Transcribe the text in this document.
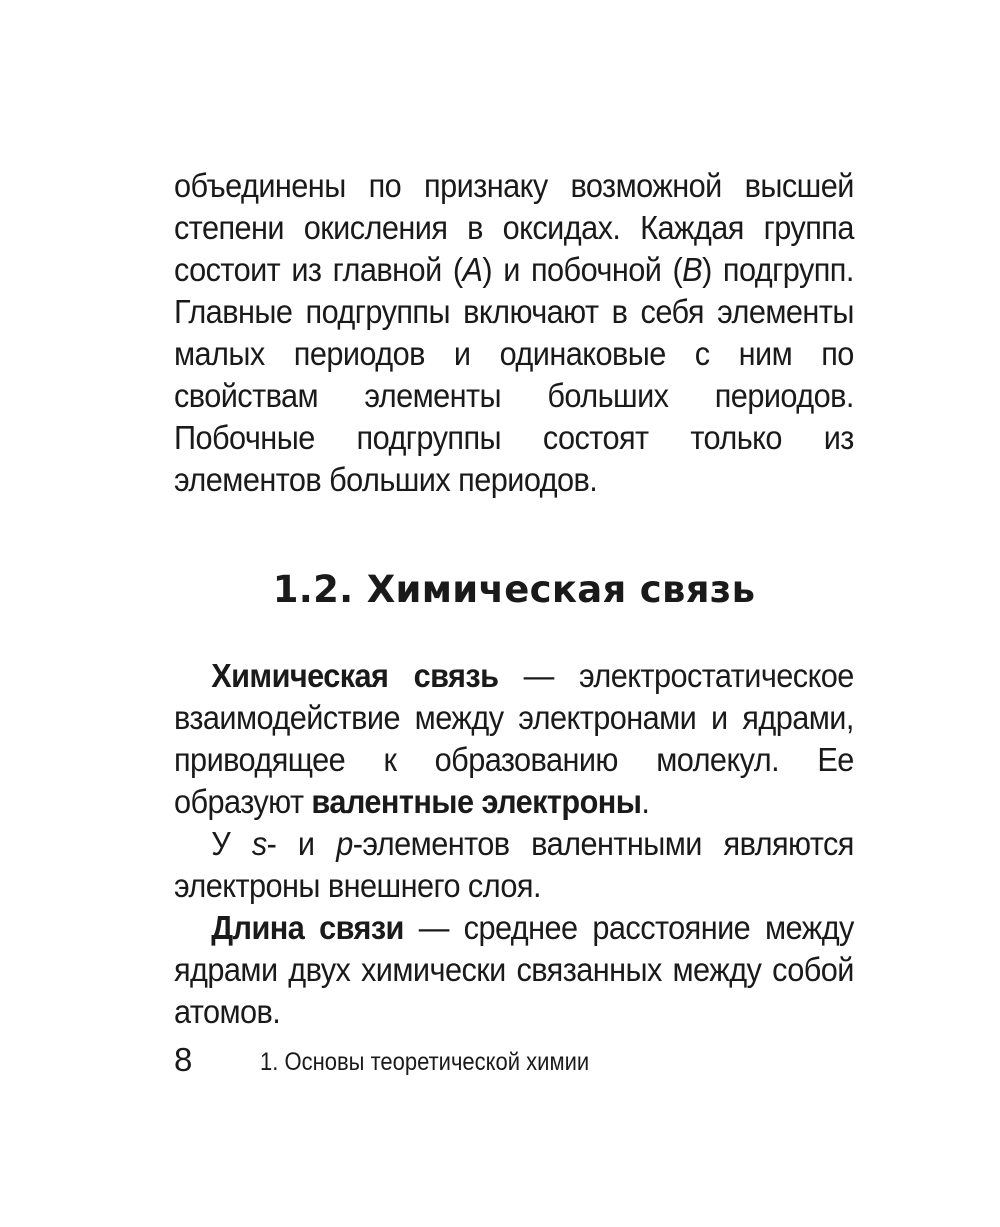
объединены по признаку возможной высшей степени окисления в оксидах. Каждая группа состоит из главной (A) и побочной (B) подгрупп. Главные подгруппы включают в себя элементы малых периодов и одинаковые с ним по свойствам элементы больших периодов. Побочные подгруппы состоят только из элементов больших периодов.

1.2. Химическая связь

Химическая связь — электростатическое взаимодействие между электронами и ядрами, приводящее к образованию молекул. Ее образуют валентные электроны.

У s- и p-элементов валентными являются электроны внешнего слоя.

Длина связи — среднее расстояние между ядрами двух химически связанных между собой атомов.

8	1. Основы теоретической химии
